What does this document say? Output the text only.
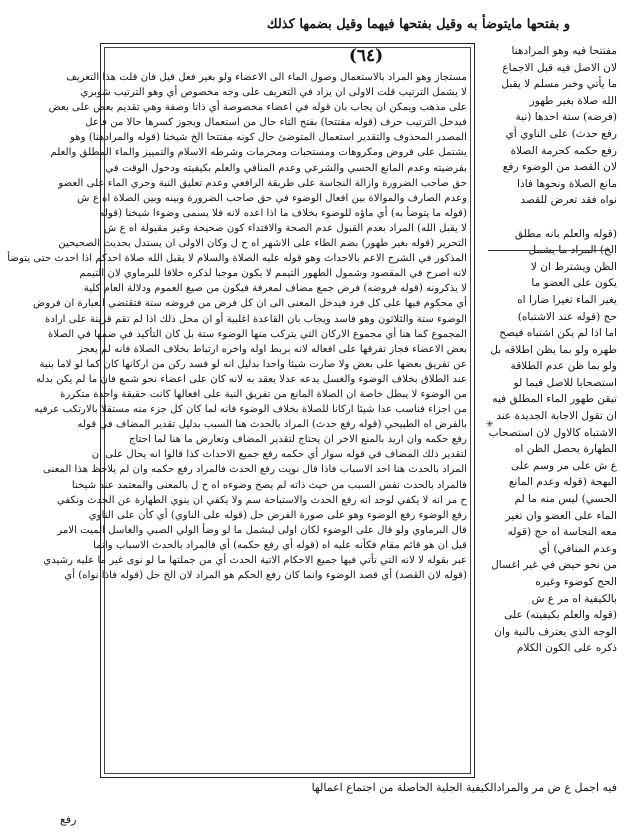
و بفتحها مايتوضأ به وقيل بفتحها فيهما وقيل بضمها كذلك
(٦٤)
مستجاز وهو المراد بالاستعمال وصول الماء الى الاعضاء ولو بغير فعل قيل فان قلت هذا التعريف
لا يشمل الترتيب قلت الاولى ان يزاد في التعريف على وجه مخصوص أي وهو الترتيب شوبري
على مذهب ويمكن ان يجاب بان قوله في اعضاء مخصوصة أي ذاتا وصفة وهي تقديم بعض على بعض
فيدخل الترتيب حرف (قوله مفتتحا) بفتح التاء حال من استعمال ويجوز كسرها حالا من فاعل
المصدر المحذوف والتقدير استعمال المتوضئ حال كونه مفتتحا الخ شيخنا (قوله والمرادهنا) وهو
يشتمل على فروض ومكروهات ومستحبات ومحرمات وشرطه الاسلام والتمييز والماء المطلق والعلم
بفرضيته وعدم المانع الحسي والشرعي وعدم المنافي والعلم بكيفيته ودخول الوقت في
حق صاحب الضرورة وازالة النجاسة على طريقة الرافعي وعدم تعليق النية وجري الماء على العضو
وعدم الصارف والموالاة بين افعال الوضوء في حق صاحب الضرورة وبينه وبين الصلاة اه ع ش
(قوله ما يتوضأ به) أي ماؤه للوضوء بخلاف ما اذا اعده لانه فلا يسمى وضوءا شيخنا (قوله
لا يقبل الله) المراد بعدم القبول عدم الصحة والاقتداء كون صحيحة وغير مقبولة اه ع ش
التحرير (قوله بغير طهور) بضم الطاء على الاشهر اه ح ل وكان الاولى ان يستدل بحديث الصحيحين
المذكور في الشرح الاعم بالاحداث وهو قوله عليه الصلاة والسلام لا يقبل الله صلاة احدكم اذا احدث حتى يتوضأ
لانه اصرح في المقصود وشمول الطهور التيمم لا يكون موجبا لذكره خلافا للبرماوي لان التيمم
لا يذكرونه (قوله فروضه) فرض جمع مضاف لمعرفة فيكون من صيغ العموم ودلالة العام كلية
أي محكوم فيها على كل فرد فيدخل المعنى الى ان كل فرض من فروضه ستة فتقتضي العبارة ان فروض
الوضوء ستة والثلاثون وهو فاسد ويجاب بان القاعدة اغلبية أو ان محل ذلك اذا لم تقم قرينة على ارادة
المجموع كما هنا أي مجموع الاركان التي يتركب منها الوضوء ستة بل كان التأكيد في ضمها في الصلاة
بعض الاعضاء فجاز تفرقها على افعاله لانه بربط اوله واخره ارتباط بخلاف الصلاة فانه لم يعجز
عن تفريق بعضها على بعض ولا صارت شيئا واحدا بدليل انه لو فسد ركن من اركانها كان كما لو لاما بنية
عند الطلاق بخلاف الوضوء والغسل يدعه عدلا يعقد به لانه كان على اعضاء نحو شمع فان ما لم يكن بدله
من الوضوء لا يبطل خاصة ان الصلاة المانع من تفريق النية على افعالها كانت حقيقة واحدة متكررة
من اجزاء فناسب عدا شيئا اركانا للصلاة بخلاف الوضوء فانه لما كان كل جزء منه مستقلا بالارتكب عرفيه
بالفرض اه الطبيحي (قوله رفع حدث) المراد بالحدث هنا السبب بدليل تقدير المضاف في قوله
رفع حكمه وان اريد بالمنع الاخر ان يحتاج لتقدير المضاف وتعارض ما هنا لما احتاج
لتقدير ذلك المضاف في قوله سوار أي حكمه رفع جميع الاحداث كذا قالوا انه يحال على ان
المراد بالحدث هنا احد الاسباب فاذا قال نويت رفع الحدث فالمراد رفع حكمه وان لم يلاحظ هذا المعنى
فالمراد بالحدث نفس السبب من حيث ذاته لم يصح وضوءه اه ح ل بالمعنى والمعتمد عند شيخنا
ح مر انه لا يكفي لوجد انه رفع الحدث والاستباحة سم ولا يكفي ان ينوي الطهارة عن الحدث ونكفي
رفع الوضوء رفع الوضوء وهو على صورة الفرض حل (قوله على الناوي) أي كأن على الناوي
قال البرماوي ولو قال على الوضوء لكان اولى ليشمل ما لو وضأ الولي الصبي والغاسل الميت الامر
قيل ان هو قائم مقام فكأنه عليه اه (قوله أي رفع حكمه) أي فالمراد بالحدث الاسباب وانما
عبر بقوله لا لانه التي تأتي فيها جميع الاحكام الاتية الحدث أي من جملتها ما لو نوى غير ما عليه رشيدي
(قوله لان القصد) أي قصد الوضوء وانما كان رفع الحكم هو المراد لان الخ حل (قوله فاذا نواه) أي
مفتتحا فيه وهو المرادهنا
لان الاصل فيه قبل الاجماع
ما يأتي وخبر مسلم لا يقبل
الله صلاة بغير طهور
(فرضه) ستة احدها (نية
رفع حدث) على الناوي أي
رفع حكمه كحرمة الصلاة
لان القصد من الوضوء رفع
مانع الصلاة ونحوها فاذا
نواه فقد تعرض للقصد

(قوله والعلم بانه مطلق
الخ) المراد ما يشمل
الظن ويشترط ان لا
يكون على العضو ما
يغير الماء تغيرا ضارا اه
حج (قوله عند الاشتباه)
اما اذا لم يكن اشتباه فيصح
طهره ولو بما يظن اطلاقه بل
ولو بما ظن عدم الطلاقة
استصحابا للاصل فيما لو
تيقن طهور الماء المطلق فيه
ان تقول الاجابة الجديدة عند
الاشتباه كالاول لان استصحاب
الطهارة يحصل الظن اه
ع ش على مر وسم على
البهجة (قوله وعدم المانع
الحسي) ليس منه ما لم
الماء على العضو وان تغير
معه النجاسة اه حج (قوله
وعدم المنافي) أي
من نحو حيض في غير اغسال
الحج كوضوء وغيره
بالكيفية اه مر ع ش
(قوله والعلم بكيفيته) على
الوجه الذي يعترف بالنية وان
ذكره على الكون الكلام
✳
فيه اجمل ع ض مر والمرادالكيفية الجلية الحاصلة من اجتماع اعمالها
رفع
